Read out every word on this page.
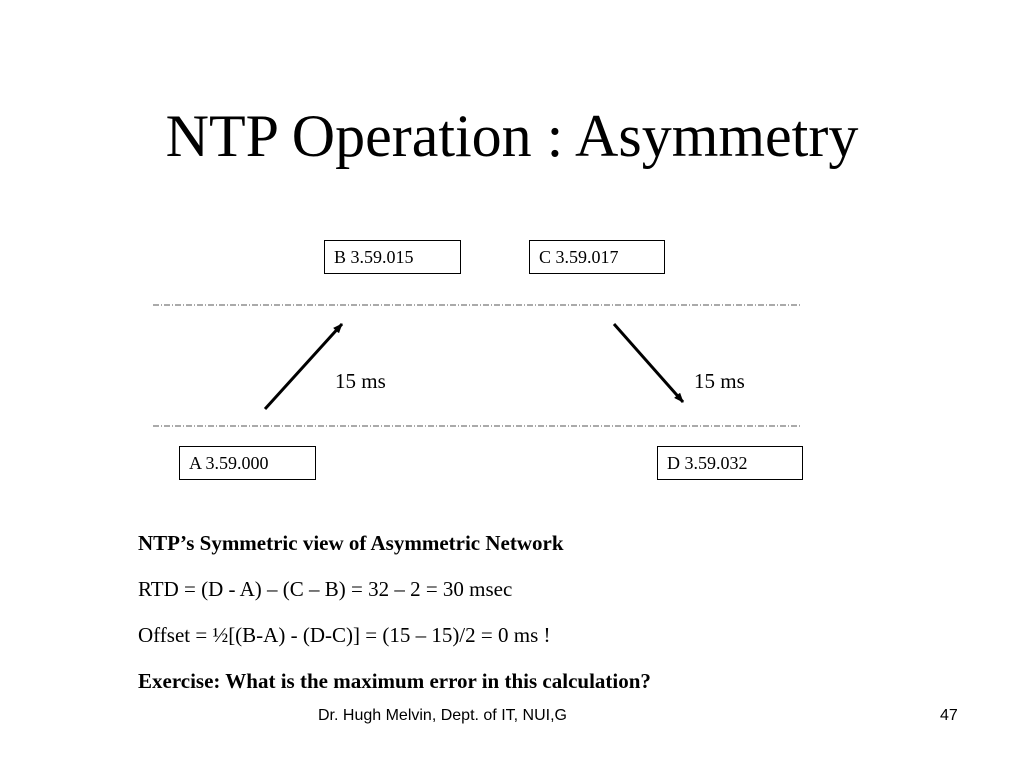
NTP Operation : Asymmetry
B 3.59.015	C 3.59.017
A 3.59.000	D 3.59.032
15 ms	15 ms
NTP’s Symmetric view of Asymmetric Network
RTD = (D - A) – (C – B) = 32 – 2 = 30 msec
Offset = ½[(B-A) - (D-C)] = (15 – 15)/2 = 0 ms !
Exercise: What is the maximum error in this calculation?
Dr. Hugh Melvin, Dept. of IT, NUI,G	47
